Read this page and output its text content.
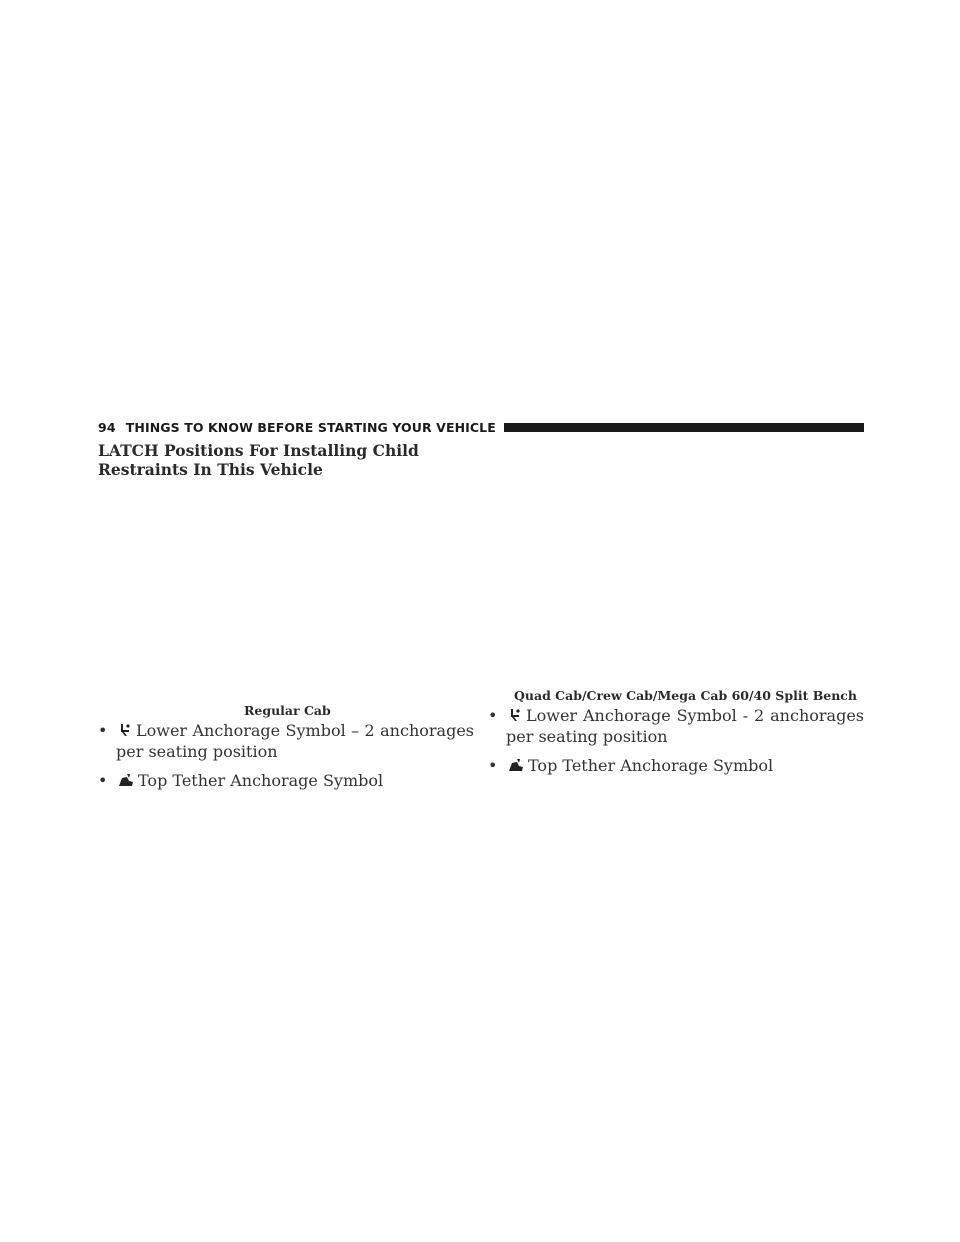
94 THINGS TO KNOW BEFORE STARTING YOUR VEHICLE
LATCH Positions For Installing Child Restraints In This Vehicle
Regular Cab
• Lower Anchorage Symbol – 2 anchorages per seating position
• Top Tether Anchorage Symbol
Quad Cab/Crew Cab/Mega Cab 60/40 Split Bench
• Lower Anchorage Symbol - 2 anchorages per seating position
• Top Tether Anchorage Symbol
